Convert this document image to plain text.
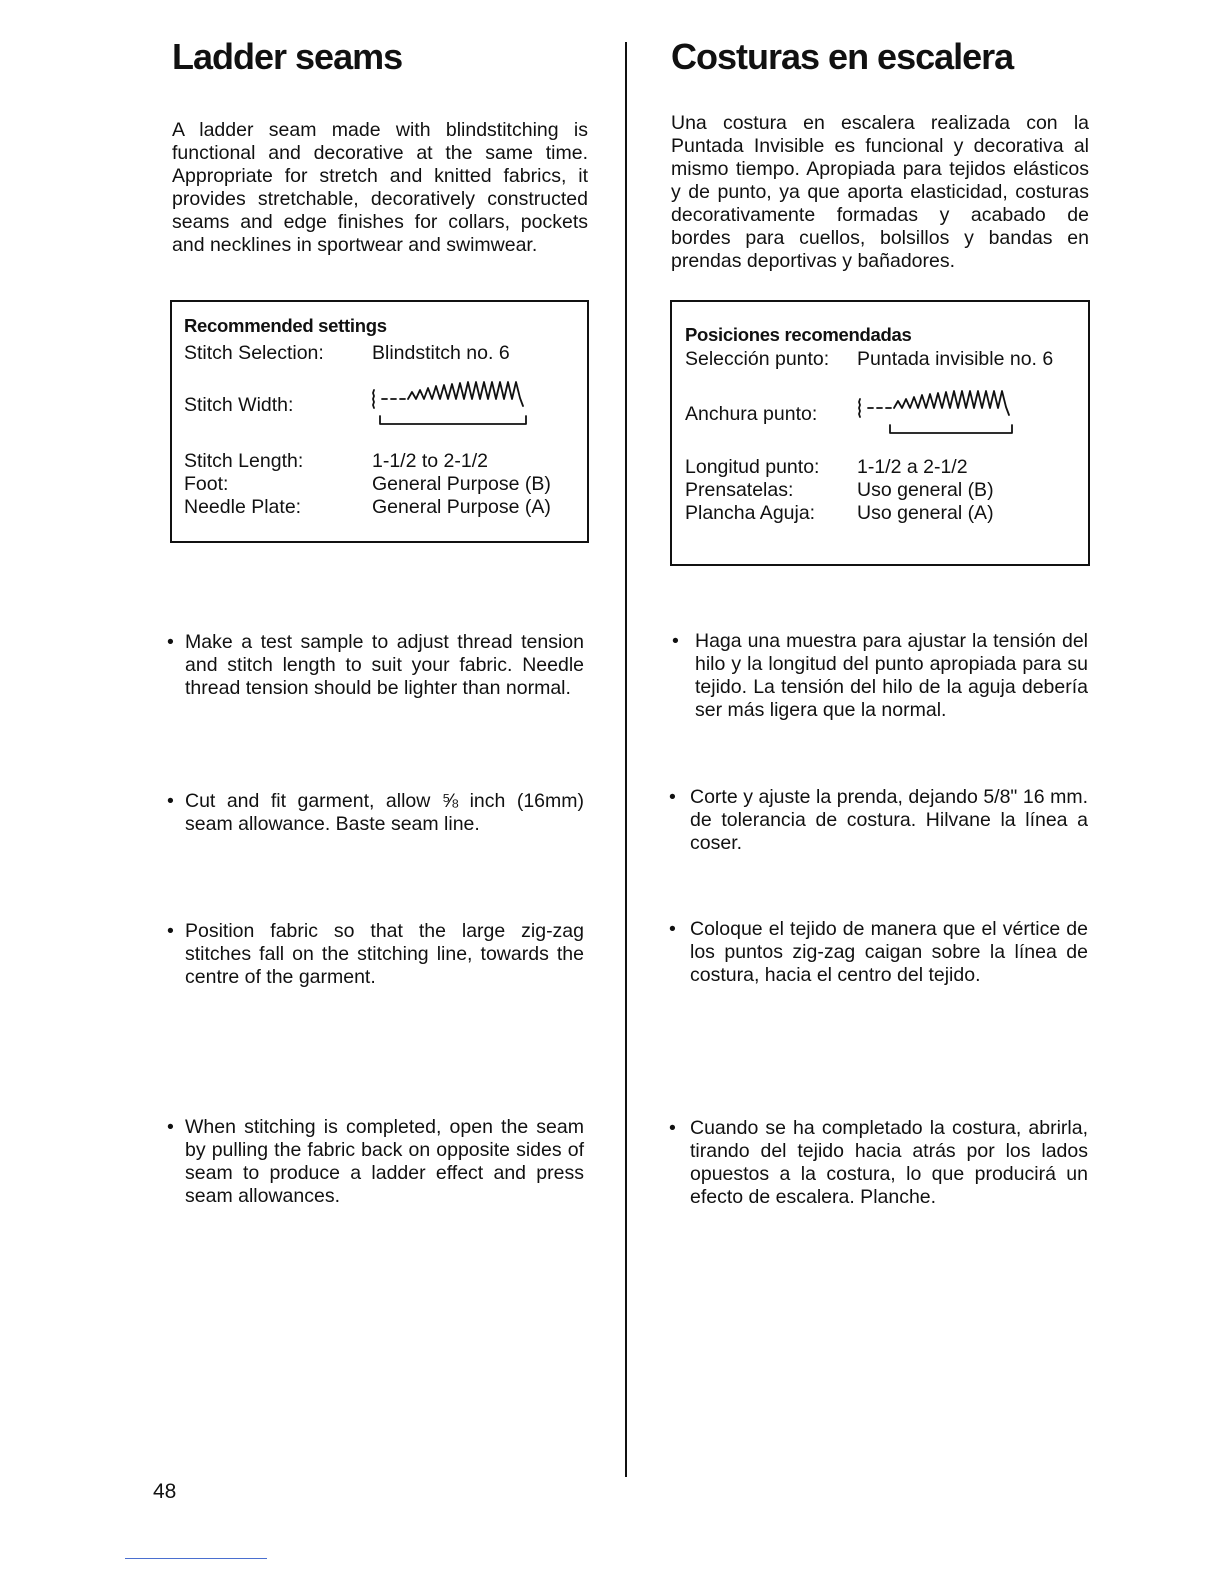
Ladder seams

A ladder seam made with blindstitching is functional and decorative at the same time. Appropriate for stretch and knitted fabrics, it provides stretchable, decoratively constructed seams and edge finishes for collars, pockets and necklines in sportwear and swimwear.

Recommended settings
Stitch Selection: Blindstitch no. 6
Stitch Width:
Stitch Length:	1-1/2 to 2-1/2
Foot:	General Purpose (B)
Needle Plate:	General Purpose (A)
• Make a test sample to adjust thread tension and stitch length to suit your fabric. Needle thread tension should be lighter than normal.
• Cut and fit garment, allow ⅝ inch (16mm) seam allowance. Baste seam line.
• Position fabric so that the large zig-zag stitches fall on the stitching line, towards the centre of the garment.
• When stitching is completed, open the seam by pulling the fabric back on opposite sides of seam to produce a ladder effect and press seam allowances.
Costuras en escalera

Una costura en escalera realizada con la Puntada Invisible es funcional y decorativa al mismo tiempo. Apropiada para tejidos elásticos y de punto, ya que aporta elasticidad, costuras decorativamente formadas y acabado de bordes para cuellos, bolsillos y bandas en prendas deportivas y bañadores.

Posiciones recomendadas
Selección punto: Puntada invisible no. 6
Anchura punto:
Longitud punto: 1-1/2 a 2-1/2
Prensatelas:	Uso general (B)
Plancha Aguja: Uso general (A)
• Haga una muestra para ajustar la tensión del hilo y la longitud del punto apropiada para su tejido. La tensión del hilo de la aguja debería ser más ligera que la normal.
• Corte y ajuste la prenda, dejando 5/8" 16 mm. de tolerancia de costura. Hilvane la línea a coser.
• Coloque el tejido de manera que el vértice de los puntos zig-zag caigan sobre la línea de costura, hacia el centro del tejido.
• Cuando se ha completado la costura, abrirla, tirando del tejido hacia atrás por los lados opuestos a la costura, lo que producirá un efecto de escalera. Planche.
48
